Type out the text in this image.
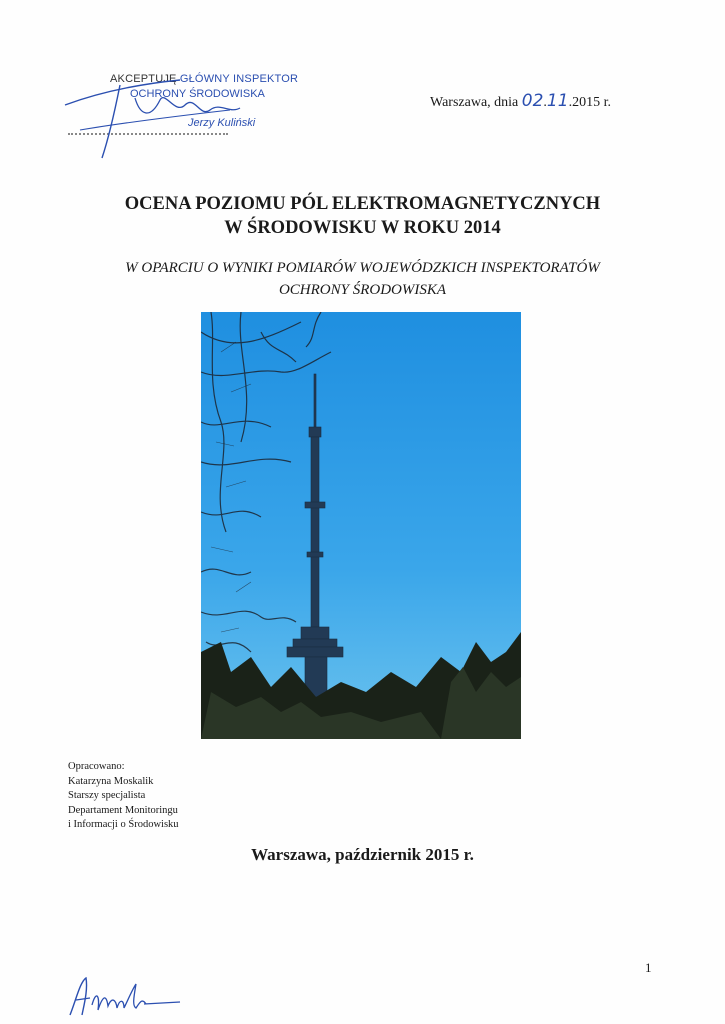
AKCEPTUJĘ GŁÓWNY INSPEKTOR
OCHRONY ŚRODOWISKA
Jerzy Kuliński
Warszawa, dnia 02.11.2015 r.
OCENA POZIOMU PÓL ELEKTROMAGNETYCZNYCH
W ŚRODOWISKU W ROKU 2014
W OPARCIU O WYNIKI POMIARÓW WOJEWÓDZKICH INSPEKTORATÓW
OCHRONY ŚRODOWISKA
Opracowano:
Katarzyna Moskalik
Starszy specjalista
Departament Monitoringu
i Informacji o Środowisku
Warszawa, październik 2015 r.
1
